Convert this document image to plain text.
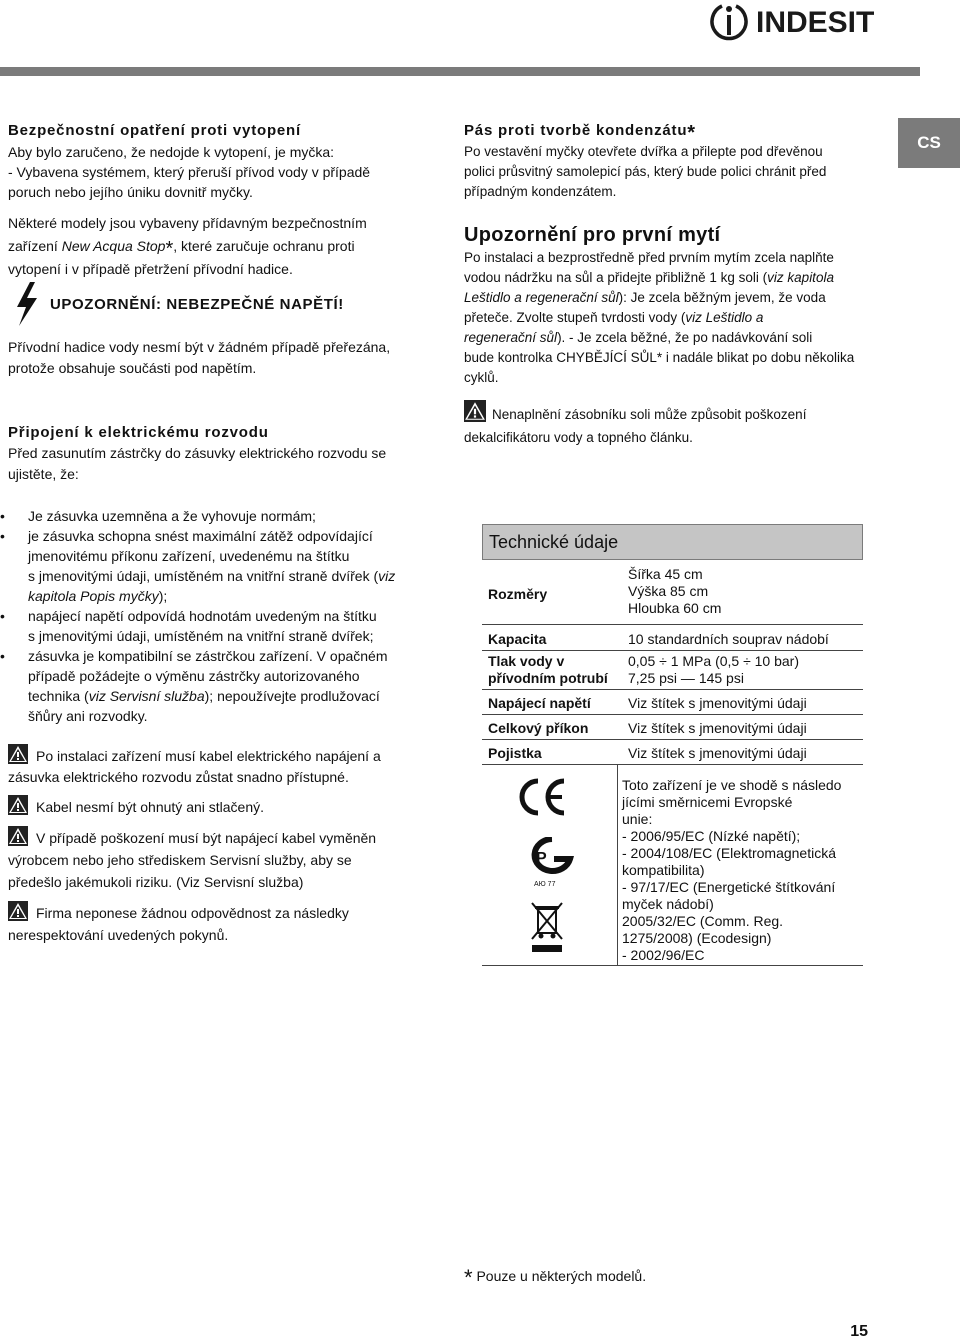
INDESIT
CS
Bezpečnostní opatření proti vytopení
Aby bylo zaručeno, že nedojde k vytopení, je myčka:
- Vybavena systémem, který přeruší přívod vody v případě
poruch nebo jejího úniku dovnitř myčky.
Některé modely jsou vybaveny přídavným bezpečnostním
zařízení New Acqua Stop*, které zaručuje ochranu proti
vytopení i v případě přetržení přívodní hadice.
UPOZORNĚNÍ: NEBEZPEČNÉ NAPĚTÍ!
Přívodní hadice vody nesmí být v žádném případě přeřezána,
protože obsahuje součásti pod napětím.
Připojení k elektrickému rozvodu
Před zasunutím zástrčky do zásuvky elektrického rozvodu se
ujistěte, že:
• Je zásuvka uzemněna a že vyhovuje normám;
• je zásuvka schopna snést maximální zátěž odpovídající
jmenovitému příkonu zařízení, uvedenému na štítku
s jmenovitými údaji, umístěném na vnitřní straně dvířek (viz
kapitola Popis myčky);
• napájecí napětí odpovídá hodnotám uvedeným na štítku
s jmenovitými údaji, umístěném na vnitřní straně dvířek;
• zásuvka je kompatibilní se zástrčkou zařízení. V opačném
případě požádejte o výměnu zástrčky autorizovaného
technika (viz Servisní služba); nepoužívejte prodlužovací
šňůry ani rozvodky.
Po instalaci zařízení musí kabel elektrického napájení a
zásuvka elektrického rozvodu zůstat snadno přístupné.
Kabel nesmí být ohnutý ani stlačený.
V případě poškození musí být napájecí kabel vyměněn
výrobcem nebo jeho střediskem Servisní služby, aby se
předešlo jakémukoli riziku. (Viz Servisní služba)
Firma neponese žádnou odpovědnost za následky
nerespektování uvedených pokynů.
Pás proti tvorbě kondenzátu*
Po vestavění myčky otevřete dvířka a přilepte pod dřevěnou
polici průsvitný samolepicí pás, který bude polici chránit před
případným kondenzátem.
Upozornění pro první mytí
Po instalaci a bezprostředně před prvním mytím zcela naplňte
vodou nádržku na sůl a přidejte přibližně 1 kg soli (viz kapitola
Leštidlo a regenerační sůl): Je zcela běžným jevem, že voda
přeteče. Zvolte stupeň tvrdosti vody (viz Leštidlo a
regenerační sůl). - Je zcela běžné, že po nadávkování soli
bude kontrolka CHYBĚJÍCÍ SŮL* i nadále blikat po dobu několika
cyklů.
Nenaplnění zásobníku soli může způsobit poškození
dekalcifikátoru vody a topného článku.
Technické údaje
Rozměry	Šířka 45 cm
Výška 85 cm
Hloubka 60 cm

Kapacita	10 standardních souprav nádobí
Tlak vody v přívodním potrubí	0,05 ÷ 1 MPa (0,5 ÷ 10 bar)
7,25 psi — 145 psi

Napájecí napětí	Viz štítek s jmenovitými údaji
Celkový příkon	Viz štítek s jmenovitými údaji
Pojistka	Viz štítek s jmenovitými údaji
Р
АЮ 77
Toto zařízení je ve shodě s následo
jícími směrnicemi Evropské
unie:
- 2006/95/EC (Nízké napětí);
- 2004/108/EC (Elektromagnetická
kompatibilita)
- 97/17/EC (Energetické štítkování
myček nádobí)
2005/32/EC (Comm. Reg.
1275/2008) (Ecodesign)
- 2002/96/EC
* Pouze u některých modelů.
15
